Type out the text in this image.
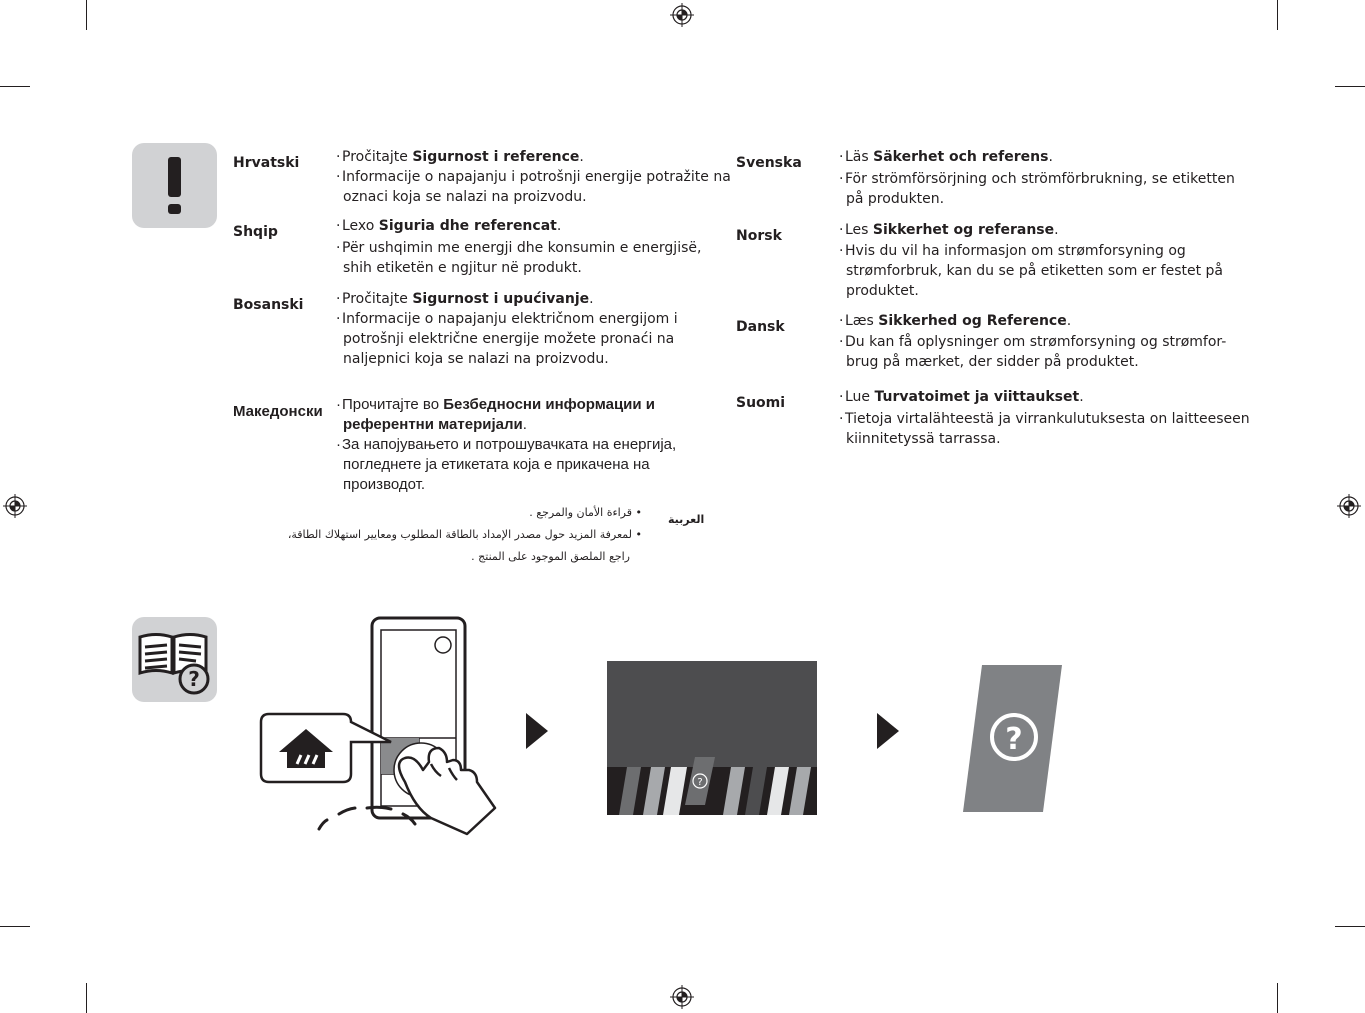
Hrvatski	· Pročitajte Sigurnost i reference.
· Informacije o napajanju i potrošnji energije potražite na
oznaci koja se nalazi na proizvodu.
Shqip	· Lexo Siguria dhe referencat.
· Për ushqimin me energji dhe konsumin e energjisë,
shih etiketën e ngjitur në produkt.
Bosanski · Pročitajte Sigurnost i upućivanje.
· Informacije o napajanju električnom energijom i
potrošnji električne energije možete pronaći na
naljepnici koja se nalazi na proizvodu.
Македонски ·Прочитајте во Безбедносни информации и
референтни материјали.
·За напојувањето и потрошувачката на енергија,
погледнете ја етикетата која е прикачена на
производот.
• قراءة الأمان والمرجع .
• لمعرفة المزيد حول مصدر الإمداد بالطاقة المطلوب ومعايير استهلاك الطاقة،
راجع الملصق الموجود على المنتج .
العربية
Svenska	· Läs Säkerhet och referens.
· För strömförsörjning och strömförbrukning, se etiketten
på produkten.
Norsk	· Les Sikkerhet og referanse.
· Hvis du vil ha informasjon om strømforsyning og
strømforbruk, kan du se på etiketten som er festet på
produktet.
Dansk	· Læs Sikkerhed og Reference.
· Du kan få oplysninger om strømforsyning og strømfor-
brug på mærket, der sidder på produktet.
Suomi	· Lue Turvatoimet ja viittaukset.
· Tietoja virtalähteestä ja virrankulutuksesta on laitteeseen
kiinnitetyssä tarrassa.
?
?
?
